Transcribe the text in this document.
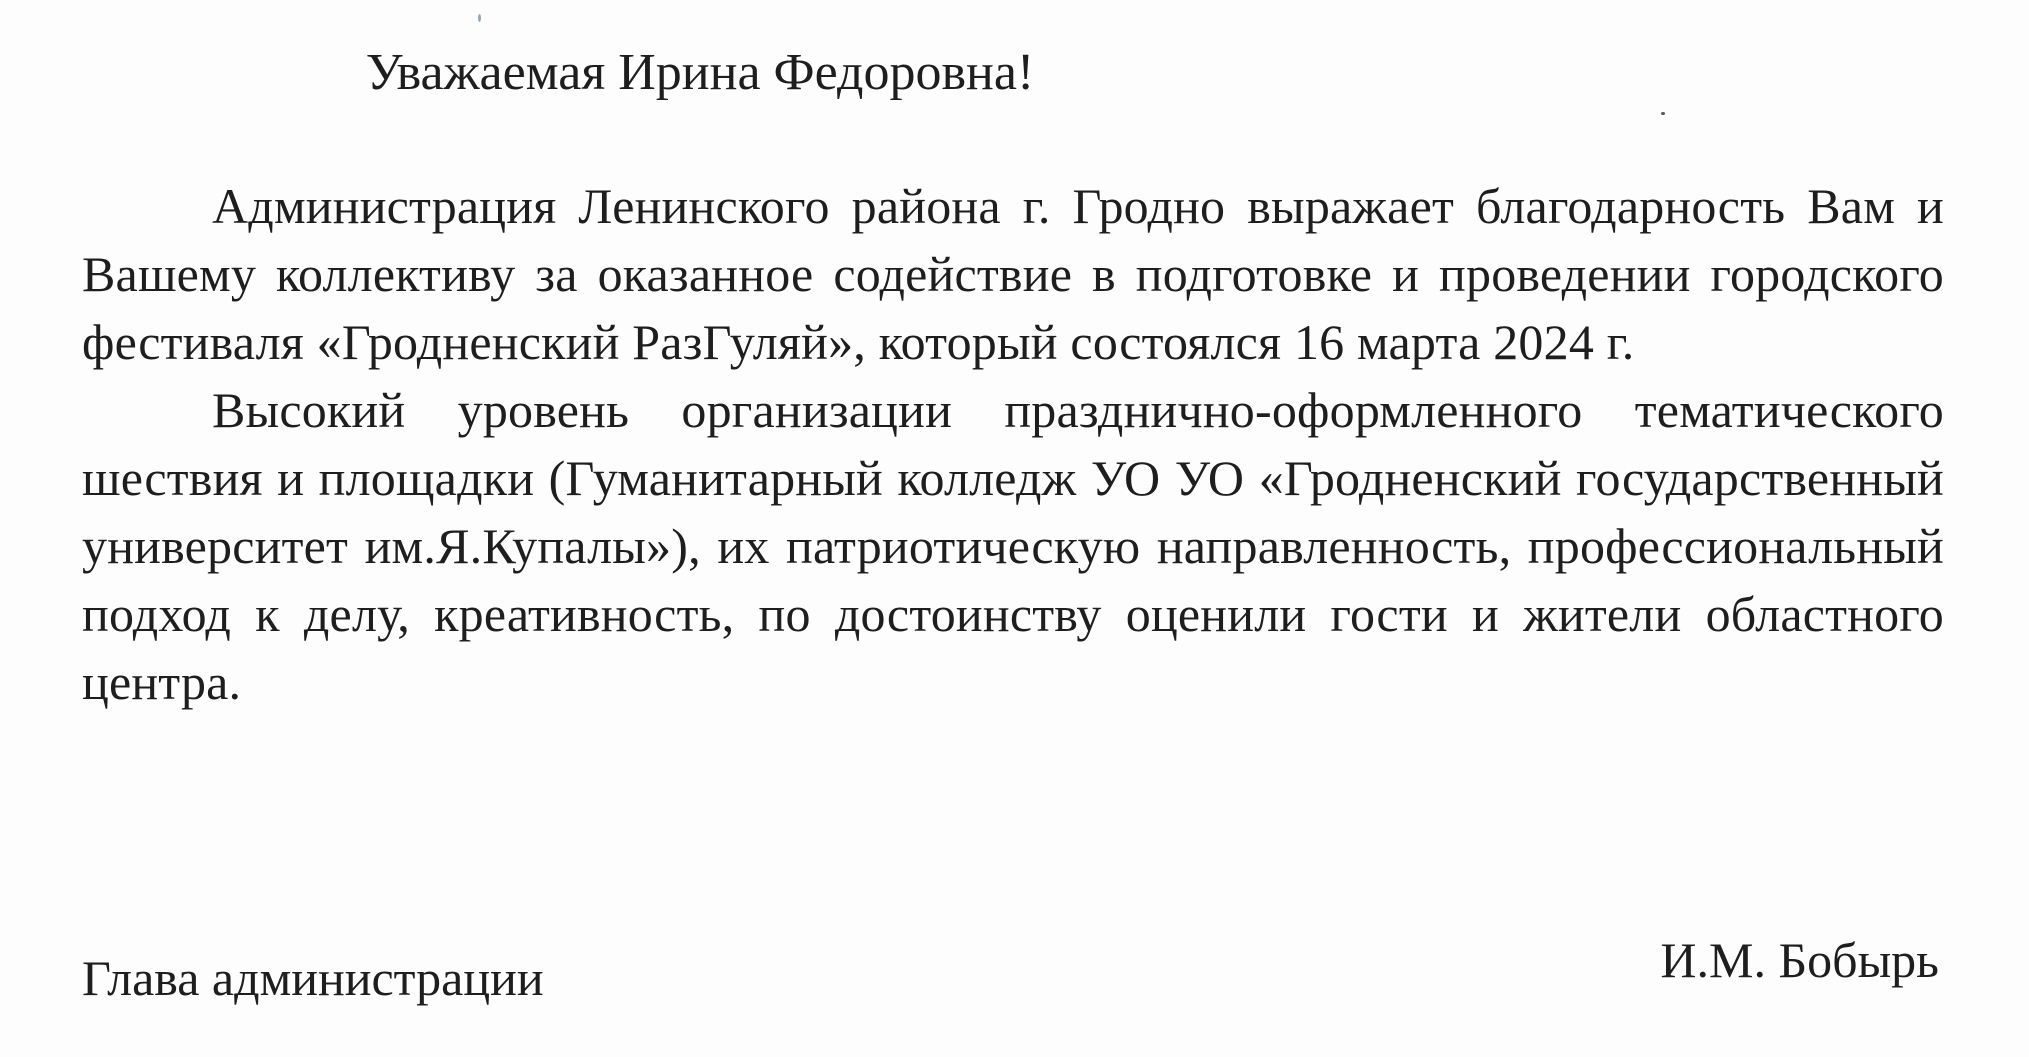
Уважаемая Ирина Федоровна!

Администрация Ленинского района г. Гродно выражает благодарность Вам и Вашему коллективу за оказанное содействие в подготовке и проведении городского фестиваля «Гродненский РазГуляй», который состоялся 16 марта 2024 г.

Высокий уровень организации празднично-оформленного тематического шествия и площадки (Гуманитарный колледж УО УО «Гродненский государственный университет им.Я.Купалы»), их патриотическую направленность, профессиональный подход к делу, креативность, по достоинству оценили гости и жители областного центра.

Глава администрации	И.М. Бобырь
